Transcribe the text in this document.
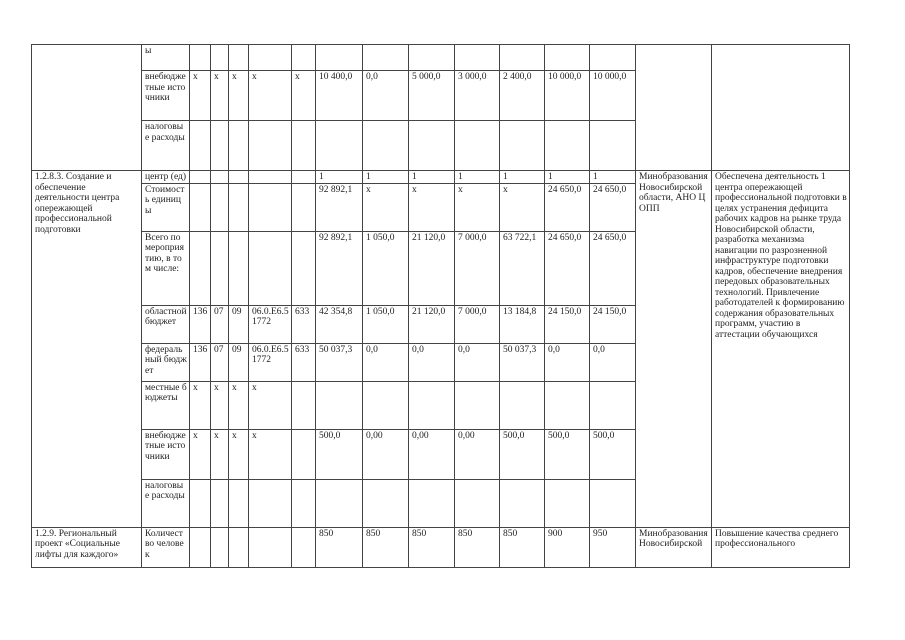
	ы														
	внебюджетные источники	х	х	х	х	х	10 400,0	0,0	5 000,0	3 000,0	2 400,0	10 000,0	10 000,0		
	налоговые расходы														
1.2.8.3. Создание и обеспечение деятельности центра опережающей профессиональной подготовки	центр (ед)						1	1	1	1	1	1	1	Минобразования Новосибирской области, АНО ЦОПП	Обеспечена деятельность 1 центра опережающей профессиональной подготовки в целях устранения дефицита рабочих кадров на рынке труда Новосибирской области, разработка механизма навигации по разрозненной инфраструктуре подготовки кадров, обеспечение внедрения передовых образовательных технологий. Привлечение работодателей к формированию содержания образовательных программ, участию в аттестации обучающихся
	Стоимость единицы						92 892,1	х	х	х	х	24 650,0	24 650,0		
	Всего по мероприятию, в том числе:						92 892,1	1 050,0	21 120,0	7 000,0	63 722,1	24 650,0	24 650,0		
	областной бюджет	136	07	09	06.0.Е6.51772	633	42 354,8	1 050,0	21 120,0	7 000,0	13 184,8	24 150,0	24 150,0		
	федеральный бюджет	136	07	09	06.0.Е6.51772	633	50 037,3	0,0	0,0	0,0	50 037,3	0,0	0,0		
	местные бюджеты	х	х	х	х										
	внебюджетные источники	х	х	х	х		500,0	0,00	0,00	0,00	500,0	500,0	500,0		
	налоговые расходы														
1.2.9. Региональный проект «Социальные лифты для каждого»	Количество человек						850	850	850	850	850	900	950	Минобразования Новосибирской	Повышение качества среднего профессионального
